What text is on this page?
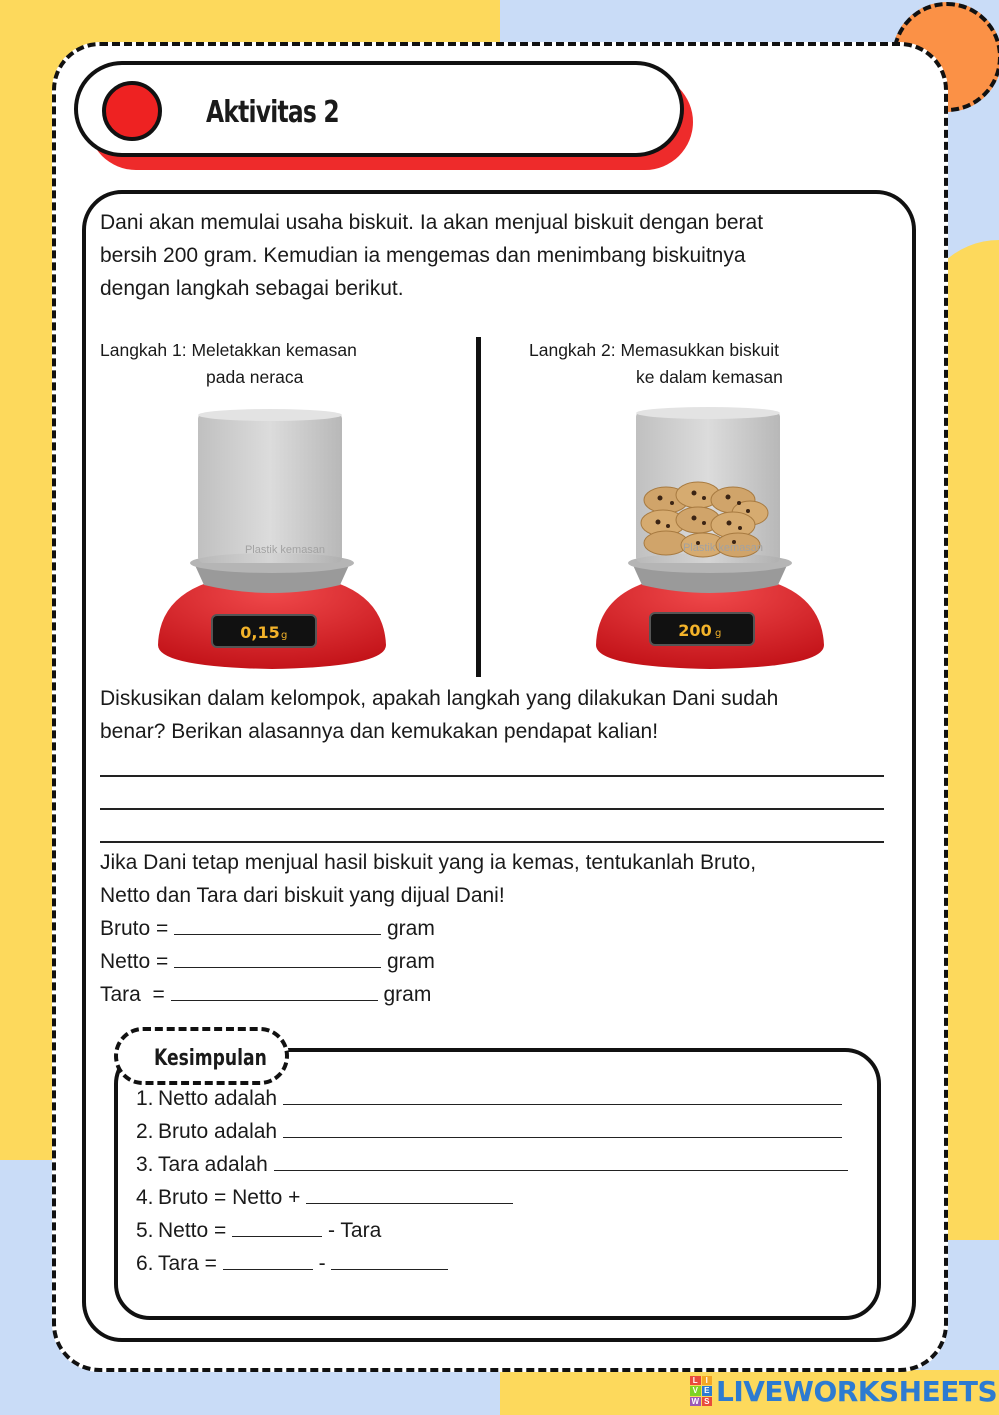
Aktivitas 2
Dani akan memulai usaha biskuit. Ia akan menjual biskuit dengan berat
bersih 200 gram. Kemudian ia mengemas dan menimbang biskuitnya
dengan langkah sebagai berikut.
Langkah 1: Meletakkan kemasan
pada neraca
Langkah 2: Memasukkan biskuit
ke dalam kemasan
Plastik kemasan
0,15 g
Plastik kemasan
200 g
Diskusikan dalam kelompok, apakah langkah yang dilakukan Dani sudah
benar? Berikan alasannya dan kemukakan pendapat kalian!
Jika Dani tetap menjual hasil biskuit yang ia kemas, tentukanlah Bruto,
Netto dan Tara dari biskuit yang dijual Dani!
Bruto =	gram
Netto =	gram
Tara  =	gram
Kesimpulan
1. Netto adalah
2. Bruto adalah
3. Tara adalah
4. Bruto = Netto +
5. Netto =	- Tara
6. Tara =	-
L I
V E
W S LIVEWORKSHEETS
